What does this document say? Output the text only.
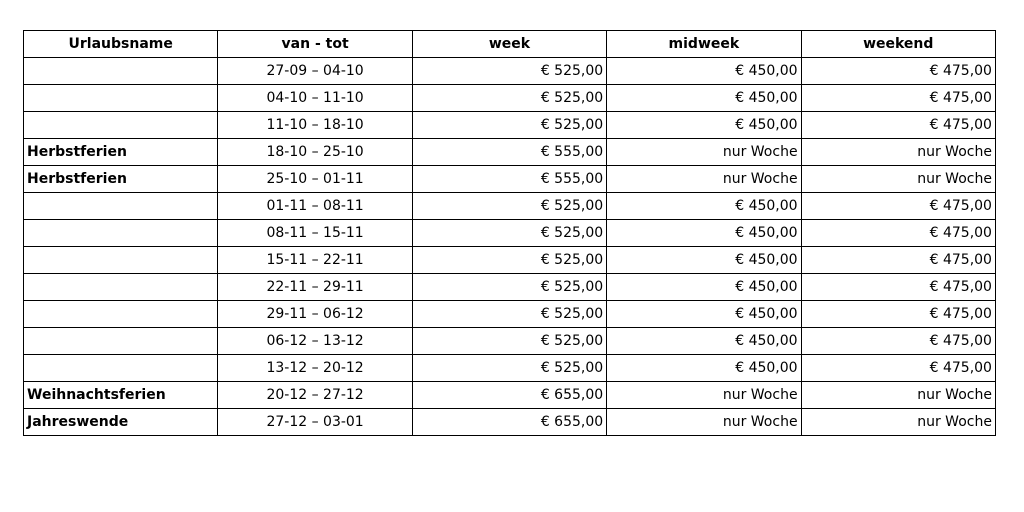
Urlaubsname	van - tot	week	midweek	weekend
	27-09 – 04-10	€ 525,00	€ 450,00	€ 475,00
	04-10 – 11-10	€ 525,00	€ 450,00	€ 475,00
	11-10 – 18-10	€ 525,00	€ 450,00	€ 475,00
Herbstferien	18-10 – 25-10	€ 555,00	nur Woche	nur Woche
Herbstferien	25-10 – 01-11	€ 555,00	nur Woche	nur Woche
	01-11 – 08-11	€ 525,00	€ 450,00	€ 475,00
	08-11 – 15-11	€ 525,00	€ 450,00	€ 475,00
	15-11 – 22-11	€ 525,00	€ 450,00	€ 475,00
	22-11 – 29-11	€ 525,00	€ 450,00	€ 475,00
	29-11 – 06-12	€ 525,00	€ 450,00	€ 475,00
	06-12 – 13-12	€ 525,00	€ 450,00	€ 475,00
	13-12 – 20-12	€ 525,00	€ 450,00	€ 475,00
Weihnachtsferien	20-12 – 27-12	€ 655,00	nur Woche	nur Woche
Jahreswende	27-12 – 03-01	€ 655,00	nur Woche	nur Woche
